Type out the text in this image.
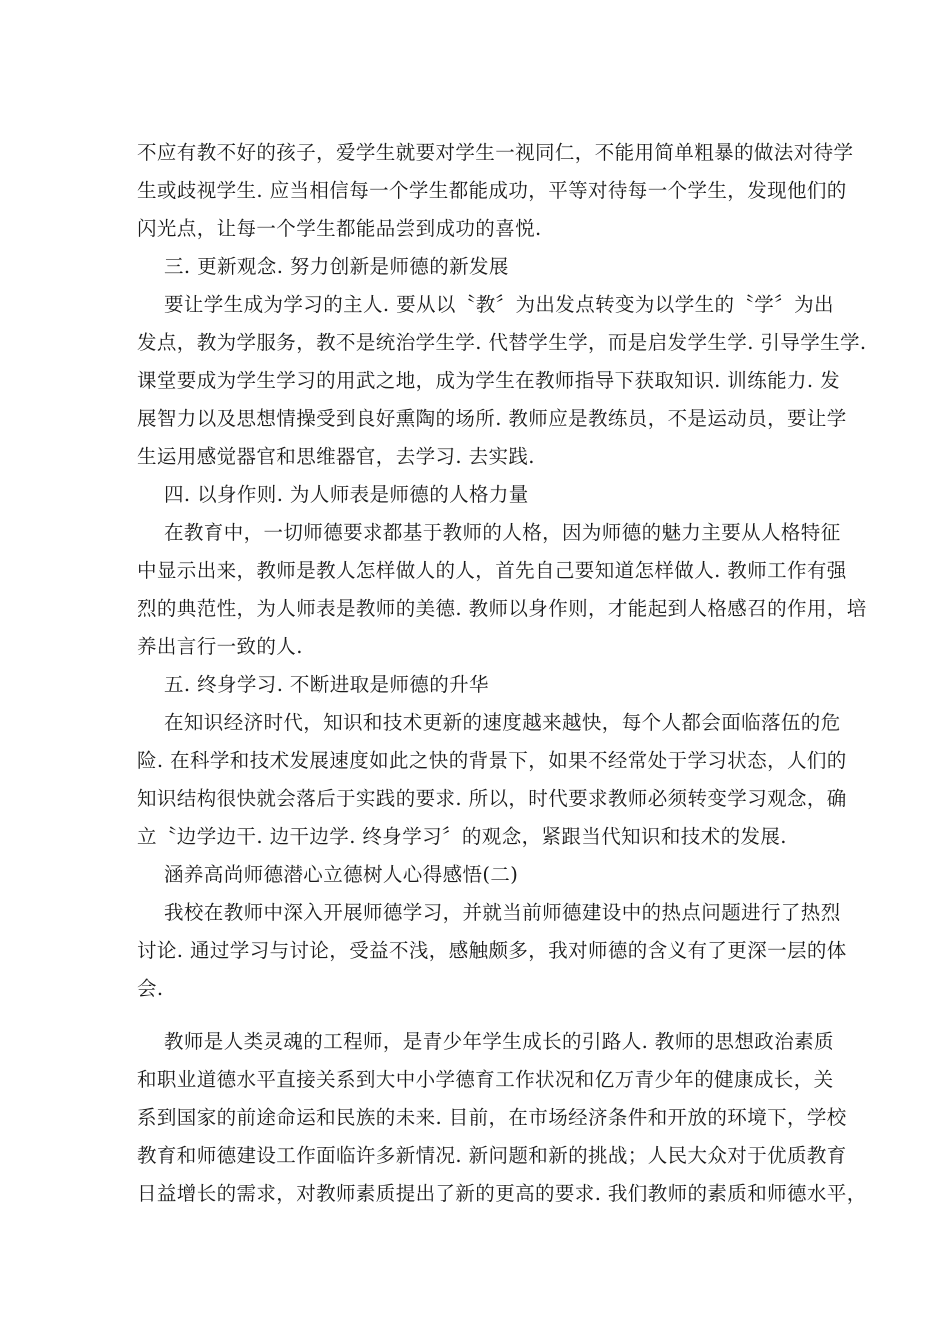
不应有教不好的孩子，爱学生就要对学生一视同仁，不能用简单粗暴的做法对待学
生或歧视学生. 应当相信每一个学生都能成功，平等对待每一个学生，发现他们的
闪光点，让每一个学生都能品尝到成功的喜悦.
三. 更新观念. 努力创新是师德的新发展
要让学生成为学习的主人. 要从以〝教〞为出发点转变为以学生的〝学〞为出
发点，教为学服务，教不是统治学生学. 代替学生学，而是启发学生学. 引导学生学.
课堂要成为学生学习的用武之地，成为学生在教师指导下获取知识. 训练能力. 发
展智力以及思想情操受到良好熏陶的场所. 教师应是教练员，不是运动员，要让学
生运用感觉器官和思维器官，去学习. 去实践.
四. 以身作则. 为人师表是师德的人格力量
在教育中，一切师德要求都基于教师的人格，因为师德的魅力主要从人格特征
中显示出来，教师是教人怎样做人的人，首先自己要知道怎样做人. 教师工作有强
烈的典范性，为人师表是教师的美德. 教师以身作则，才能起到人格感召的作用，培
养出言行一致的人.
五. 终身学习. 不断进取是师德的升华
在知识经济时代，知识和技术更新的速度越来越快，每个人都会面临落伍的危
险. 在科学和技术发展速度如此之快的背景下，如果不经常处于学习状态，人们的
知识结构很快就会落后于实践的要求. 所以，时代要求教师必须转变学习观念，确
立〝边学边干. 边干边学. 终身学习〞的观念，紧跟当代知识和技术的发展.
涵养高尚师德潜心立德树人心得感悟(二)
我校在教师中深入开展师德学习，并就当前师德建设中的热点问题进行了热烈
讨论. 通过学习与讨论，受益不浅，感触颇多，我对师德的含义有了更深一层的体
会.
教师是人类灵魂的工程师，是青少年学生成长的引路人. 教师的思想政治素质
和职业道德水平直接关系到大中小学德育工作状况和亿万青少年的健康成长，关
系到国家的前途命运和民族的未来. 目前，在市场经济条件和开放的环境下，学校
教育和师德建设工作面临许多新情况. 新问题和新的挑战；人民大众对于优质教育
日益增长的需求，对教师素质提出了新的更高的要求. 我们教师的素质和师德水平，
